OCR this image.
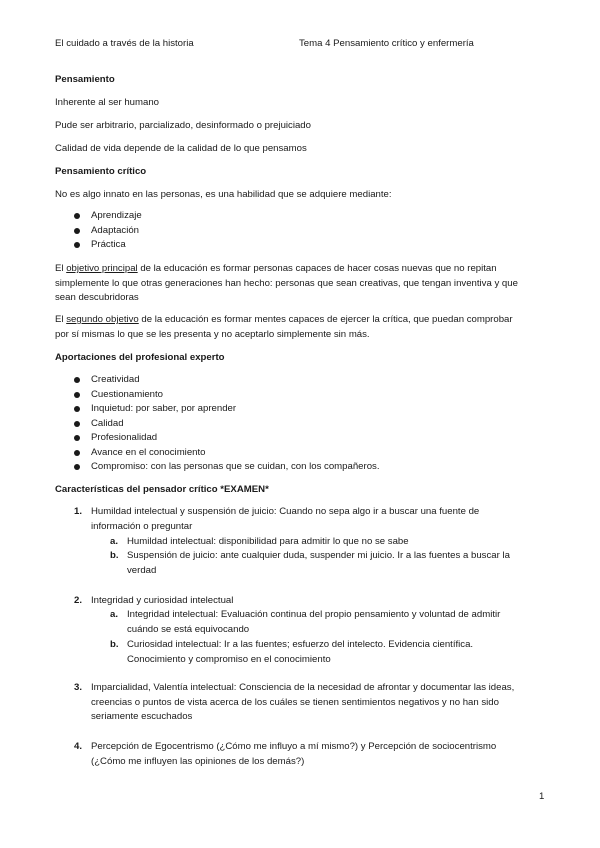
El cuidado a través de la historia	Tema 4 Pensamiento crítico y enfermería
Pensamiento
Inherente al ser humano
Pude ser arbitrario, parcializado, desinformado o prejuiciado
Calidad de vida depende de la calidad de lo que pensamos
Pensamiento crítico
No es algo innato en las personas, es una habilidad que se adquiere mediante:
Aprendizaje
Adaptación
Práctica
El objetivo principal de la educación es formar personas capaces de hacer cosas nuevas que no repitan
simplemente lo que otras generaciones han hecho: personas que sean creativas, que tengan inventiva y que
sean descubridoras
El segundo objetivo de la educación es formar mentes capaces de ejercer la crítica, que puedan comprobar
por sí mismas lo que se les presenta y no aceptarlo simplemente sin más.
Aportaciones del profesional experto
Creatividad
Cuestionamiento
Inquietud: por saber, por aprender
Calidad
Profesionalidad
Avance en el conocimiento
Compromiso: con las personas que se cuidan, con los compañeros.
Características del pensador crítico *EXAMEN*
1. Humildad intelectual y suspensión de juicio: Cuando no sepa algo ir a buscar una fuente de
información o preguntar
a. Humildad intelectual: disponibilidad para admitir lo que no se sabe
b. Suspensión de juicio: ante cualquier duda, suspender mi juicio. Ir a las fuentes a buscar la
verdad
2. Integridad y curiosidad intelectual
a. Integridad intelectual: Evaluación continua del propio pensamiento y voluntad de admitir
cuándo se está equivocando
b. Curiosidad intelectual: Ir a las fuentes; esfuerzo del intelecto. Evidencia científica.
Conocimiento y compromiso en el conocimiento
3. Imparcialidad, Valentía intelectual: Consciencia de la necesidad de afrontar y documentar las ideas,
creencias o puntos de vista acerca de los cuáles se tienen sentimientos negativos y no han sido
seriamente escuchados
4. Percepción de Egocentrismo (¿Cómo me influyo a mí mismo?) y Percepción de sociocentrismo
(¿Cómo me influyen las opiniones de los demás?)
1
